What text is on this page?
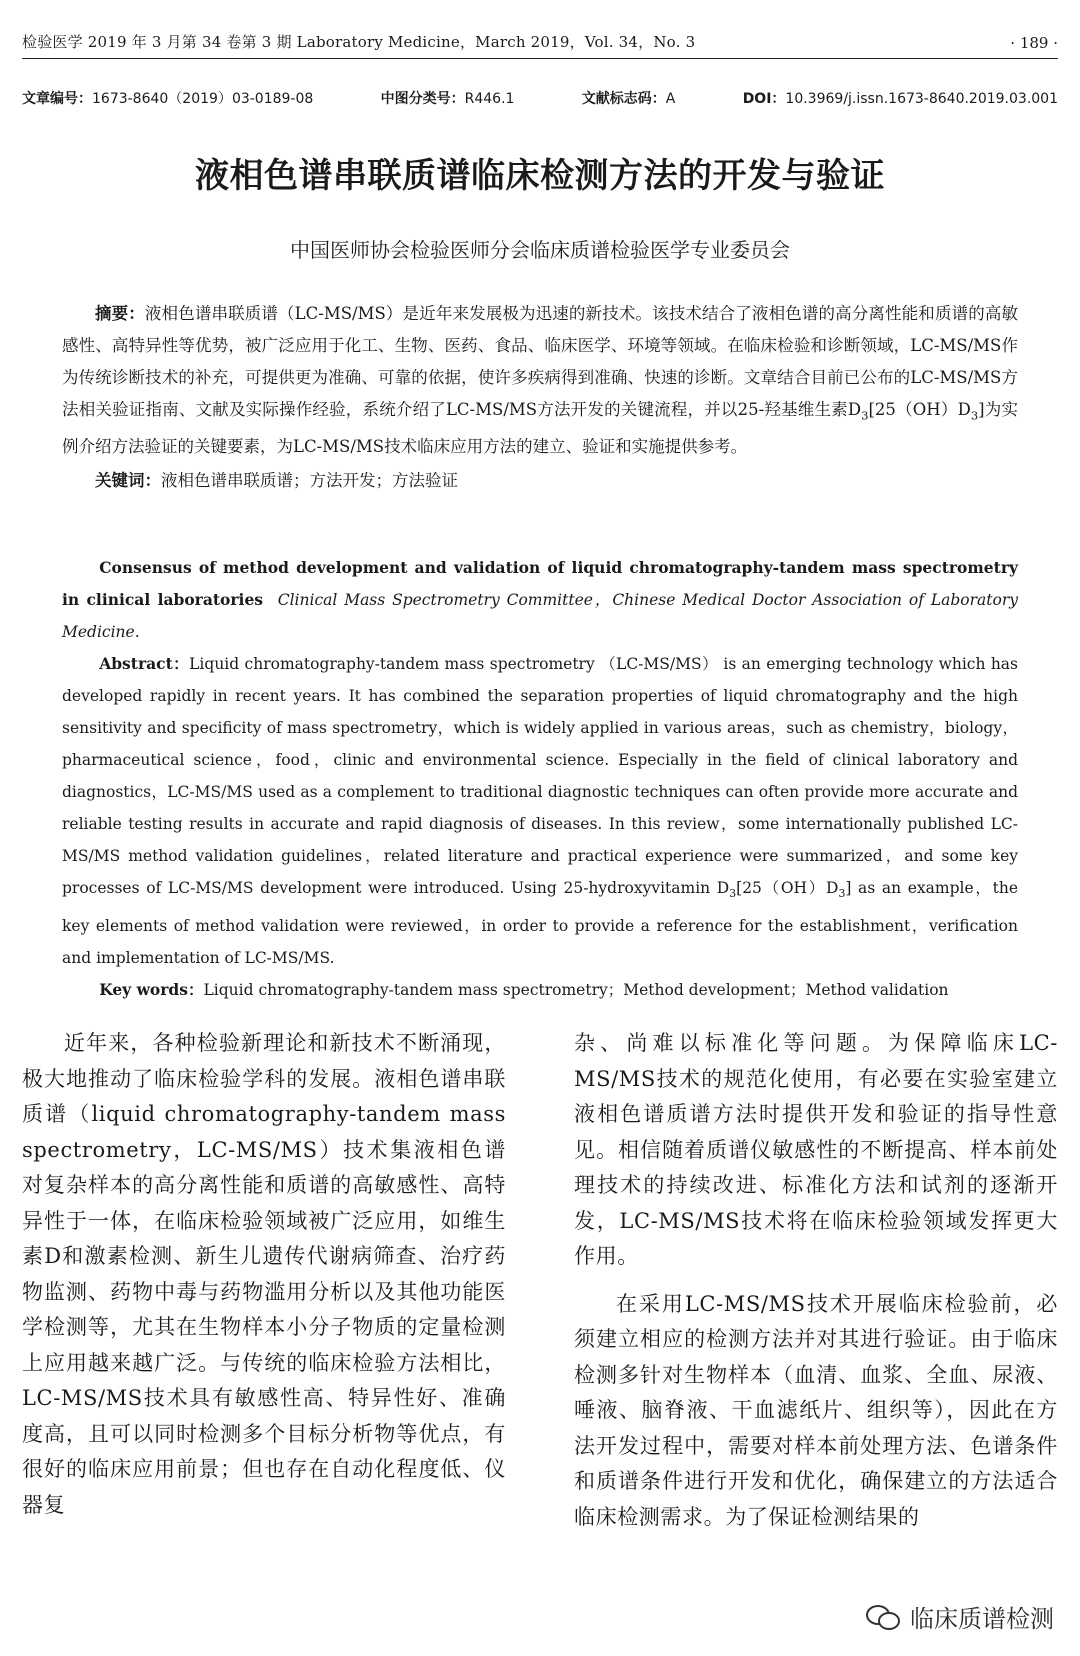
检验医学 2019 年 3 月第 34 卷第 3 期 Laboratory Medicine，March 2019，Vol. 34，No. 3	· 189 ·
文章编号：1673-8640（2019）03-0189-08	中图分类号：R446.1	文献标志码：A	DOI：10.3969/j.issn.1673-8640.2019.03.001
液相色谱串联质谱临床检测方法的开发与验证
中国医师协会检验医师分会临床质谱检验医学专业委员会

摘要：液相色谱串联质谱（LC-MS/MS）是近年来发展极为迅速的新技术。该技术结合了液相色谱的高分离性能和质谱的高敏感性、高特异性等优势，被广泛应用于化工、生物、医药、食品、临床医学、环境等领域。在临床检验和诊断领域，LC-MS/MS作为传统诊断技术的补充，可提供更为准确、可靠的依据，使许多疾病得到准确、快速的诊断。文章结合目前已公布的LC-MS/MS方法相关验证指南、文献及实际操作经验，系统介绍了LC-MS/MS方法开发的关键流程，并以25-羟基维生素$D_3[25(OH)D_3]$为实例介绍方法验证的关键要素，为LC-MS/MS技术临床应用方法的建立、验证和实施提供参考。

关键词：液相色谱串联质谱；方法开发；方法验证

Consensus of method development and validation of liquid chromatography-tandem mass spectrometry in clinical laboratories Clinical Mass Spectrometry Committee，Chinese Medical Doctor Association of Laboratory Medicine.

Abstract：Liquid chromatography-tandem mass spectrometry （LC-MS/MS） is an emerging technology which has developed rapidly in recent years. It has combined the separation properties of liquid chromatography and the high sensitivity and specificity of mass spectrometry，which is widely applied in various areas，such as chemistry，biology，pharmaceutical science，food，clinic and environmental science. Especially in the field of clinical laboratory and diagnostics，LC-MS/MS used as a complement to traditional diagnostic techniques can often provide more accurate and reliable testing results in accurate and rapid diagnosis of diseases. In this review，some internationally published LC-MS/MS method validation guidelines，related literature and practical experience were summarized，and some key processes of LC-MS/MS development were introduced. Using 25-hydroxyvitamin $D_3[25(OH)D_3]$ as an example，the key elements of method validation were reviewed，in order to provide a reference for the establishment，verification and implementation of LC-MS/MS.

Key words：Liquid chromatography-tandem mass spectrometry；Method development；Method validation

近年来，各种检验新理论和新技术不断涌现，极大地推动了临床检验学科的发展。液相色谱串联质谱（liquid chromatography-tandem mass spectrometry，LC-MS/MS）技术集液相色谱对复杂样本的高分离性能和质谱的高敏感性、高特异性于一体，在临床检验领域被广泛应用，如维生素D和激素检测、新生儿遗传代谢病筛查、治疗药物监测、药物中毒与药物滥用分析以及其他功能医学检测等，尤其在生物样本小分子物质的定量检测上应用越来越广泛。与传统的临床检验方法相比，LC-MS/MS技术具有敏感性高、特异性好、准确度高，且可以同时检测多个目标分析物等优点，有很好的临床应用前景；但也存在自动化程度低、仪器复

杂、尚难以标准化等问题。为保障临床LC-MS/MS技术的规范化使用，有必要在实验室建立液相色谱质谱方法时提供开发和验证的指导性意见。相信随着质谱仪敏感性的不断提高、样本前处理技术的持续改进、标准化方法和试剂的逐渐开发，LC-MS/MS技术将在临床检验领域发挥更大作用。

在采用LC-MS/MS技术开展临床检验前，必须建立相应的检测方法并对其进行验证。由于临床检测多针对生物样本（血清、血浆、全血、尿液、唾液、脑脊液、干血滤纸片、组织等），因此在方法开发过程中，需要对样本前处理方法、色谱条件和质谱条件进行开发和优化，确保建立的方法适合临床检测需求。为了保证检测结果的

临床质谱检测
